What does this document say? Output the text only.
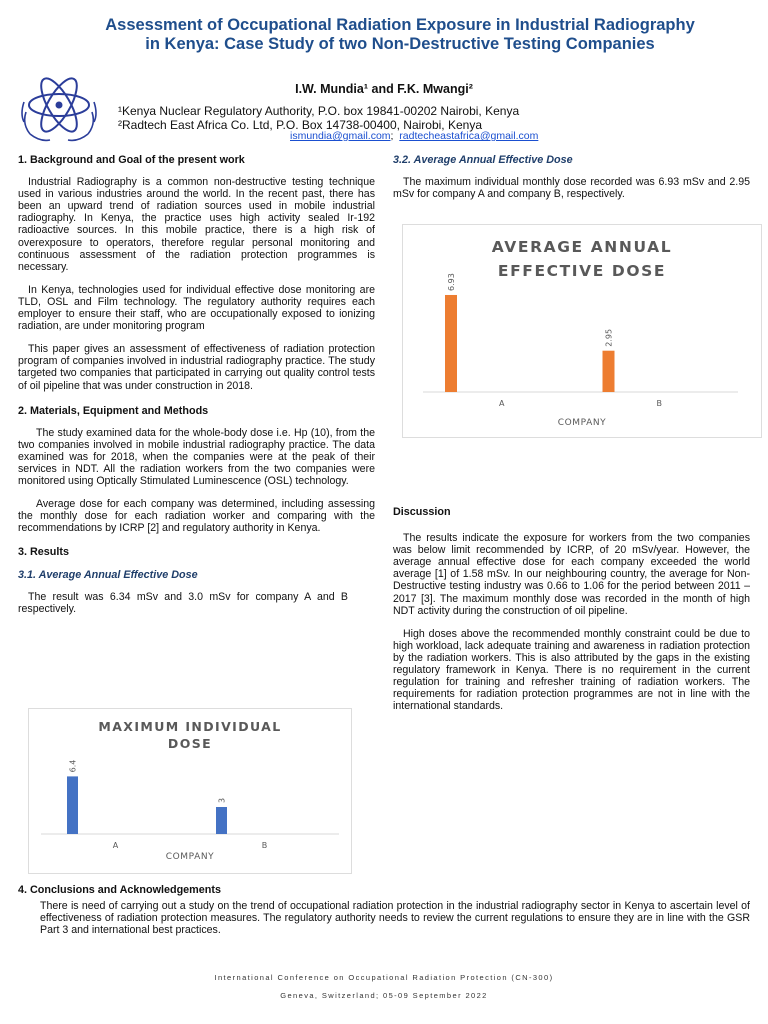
Assessment of Occupational Radiation Exposure in Industrial Radiography in Kenya: Case Study of two Non-Destructive Testing Companies
I.W. Mundia¹ and F.K. Mwangi²
¹Kenya Nuclear Regulatory Authority, P.O. box 19841-00202 Nairobi, Kenya
²Radtech East Africa Co. Ltd, P.O. Box 14738-00400, Nairobi, Kenya
ismundia@gmail.com; radtecheastafrica@gmail.com
1. Background and Goal of the present work

Industrial Radiography is a common non-destructive testing technique used in various industries around the world. In the recent past, there has been an upward trend of radiation sources used in mobile industrial radiography. In Kenya, the practice uses high activity sealed Ir-192 radioactive sources. In this mobile practice, there is a high risk of overexposure to operators, therefore regular personal monitoring and continuous assessment of the radiation protection programmes is necessary.

In Kenya, technologies used for individual effective dose monitoring are TLD, OSL and Film technology. The regulatory authority requires each employer to ensure their staff, who are occupationally exposed to ionizing radiation, are under monitoring program

This paper gives an assessment of effectiveness of radiation protection program of companies involved in industrial radiography practice. The study targeted two companies that participated in carrying out quality control tests of oil pipeline that was under construction in 2018.

2. Materials, Equipment and Methods

The study examined data for the whole-body dose i.e. Hp (10), from the two companies involved in mobile industrial radiography practice. The data examined was for 2018, when the companies were at the peak of their services in NDT. All the radiation workers from the two companies were monitored using Optically Stimulated Luminescence (OSL) technology.

Average dose for each company was determined, including assessing the monthly dose for each radiation worker and comparing with the recommendations by ICRP [2] and regulatory authority in Kenya.

3. Results
3.1. Average Annual Effective Dose

The result was 6.34 mSv and 3.0 mSv for company A and B respectively.

MAXIMUM INDIVIDUAL
DOSE
6.4
A
3
B
COMPANY
3.2. Average Annual Effective Dose

The maximum individual monthly dose recorded was 6.93 mSv and 2.95 mSv for company A and company B, respectively.

AVERAGE ANNUAL
EFFECTIVE DOSE
6.93
A
2.95
B
COMPANY
Discussion

The results indicate the exposure for workers from the two companies was below limit recommended by ICRP, of 20 mSv/year. However, the average annual effective dose for each company exceeded the world average [1] of 1.58 mSv. In our neighbouring country, the average for Non-Destructive testing industry was 0.66 to 1.06 for the period between 2011 – 2017 [3]. The maximum monthly dose was recorded in the month of high NDT activity during the construction of oil pipeline.

High doses above the recommended monthly constraint could be due to high workload, lack adequate training and awareness in radiation protection by the radiation workers. This is also attributed by the gaps in the existing regulatory framework in Kenya. There is no requirement in the current regulation for training and refresher training of radiation workers. The requirements for radiation protection programmes are not in line with the international standards.

4. Conclusions and Acknowledgements

There is need of carrying out a study on the trend of occupational radiation protection in the industrial radiography sector in Kenya to ascertain level of effectiveness of radiation protection measures. The regulatory authority needs to review the current regulations to ensure they are in line with the GSR Part 3 and international best practices.

International Conference on Occupational Radiation Protection (CN-300)
Geneva, Switzerland; 05-09 September 2022
